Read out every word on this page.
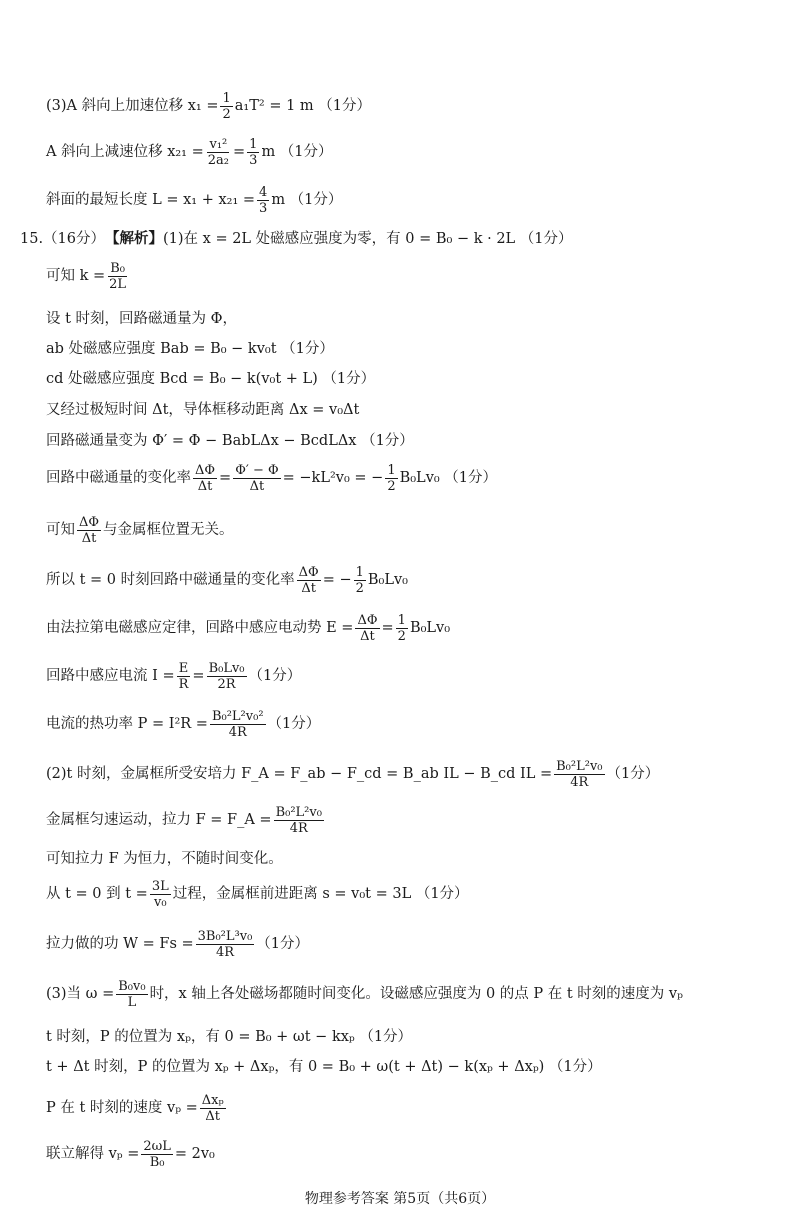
(3)A 斜向上加速位移 $x_1 = \frac{1}{2} a_1T^2 = 1$ m （1分）
A 斜向上减速位移 $x_{21} = \frac{\text{v₁²}}{\text{2a₂}} = \frac{1}{3}$ m （1分）
斜面的最短长度 $L = x_1 + x_{21} = \frac{4}{3}$ m （1分）
15.（16分） 【解析】 (1)在 x = 2L 处磁感应强度为零，有 0 = B₀ − k · 2L （1分）
可知 $k = \frac{\text{B₀}}{2L}$
设 t 时刻，回路磁通量为 Φ，
ab 处磁感应强度 Bab = B₀ − kv₀t （1分）
cd 处磁感应强度 Bcd = B₀ − k(v₀t + L) （1分）
又经过极短时间 Δt，导体框移动距离 Δx = v₀Δt
回路磁通量变为 Φ′ = Φ − BabLΔx − BcdLΔx （1分）
回路中磁通量的变化率 $\frac{\Delta\Phi}{\Delta t} = \frac{\Phi' - \Phi}{\Delta t} = -kL^2v_0$ = − $\frac{1}{2} B_0Lv_0$ （1分）
可知 $\frac{\Delta\Phi}{\Delta t}$ 与金属框位置无关。
所以 t = 0 时刻回路中磁通量的变化率 $\frac{\Delta\Phi}{\Delta t}$ = − $\frac{1}{2} B_0Lv_0$
由法拉第电磁感应定律，回路中感应电动势 $E = \frac{\Delta\Phi}{\Delta t} = \frac{1}{2} B_0Lv_0$
回路中感应电流 $I = \frac{E}{R} = \frac{\text{B₀Lv₀}}{2R} (1$分）
电流的热功率 $P = I^2R = \frac{\text{B₀²L²v₀²}}{4R} (1$分）
(2)t 时刻，金属框所受安培力 F_A = F_ab − F_cd = B_ab IL − B_cd IL = $\frac{\text{B₀²L²v₀}}{4R} (1$分）
金属框匀速运动，拉力 F = F_A = $\frac{\text{B₀²L²v₀}}{4R}$
可知拉力 F 为恒力，不随时间变化。
从 t = 0 到 $t = \frac{3L}{\text{v₀}}$ 过程，金属框前进距离 s = v₀t = 3L （1分）
拉力做的功 $W = Fs = \frac{\text{3B₀²L³v₀}}{4R} (1$分）
(3)当 $\omega = \frac{\text{B₀v₀}}{L}$ 时，x 轴上各处磁场都随时间变化。设磁感应强度为 0 的点 P 在 t 时刻的速度为 vₚ
t 时刻，P 的位置为 xₚ，有 0 = B₀ + ωt − kxₚ （1分）
t + Δt 时刻，P 的位置为 xₚ + Δxₚ，有 0 = B₀ + ω(t + Δt) − k(xₚ + Δxₚ) （1分）
P 在 t 时刻的速度 $v_p = \frac{\text{Δxₚ}}{\Delta t}$
联立解得 $v_p = \frac{2\omega L}{\text{B₀}} = 2v_0$
物理参考答案 第5页（共6页）
